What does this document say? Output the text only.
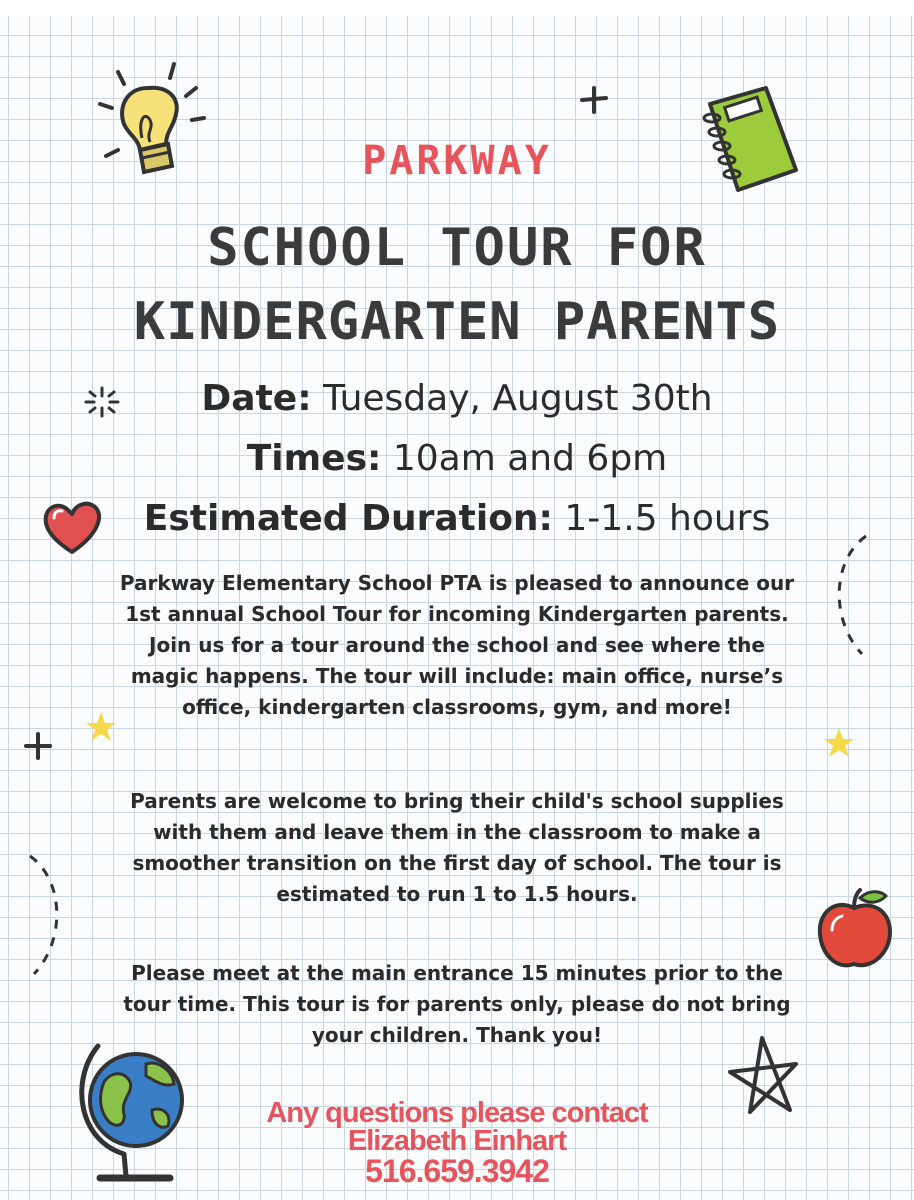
PARKWAY
SCHOOL TOUR FOR
KINDERGARTEN PARENTS
Date: Tuesday, August 30th
Times: 10am and 6pm
Estimated Duration: 1-1.5 hours
Parkway Elementary School PTA is pleased to announce our
1st annual School Tour for incoming Kindergarten parents.
Join us for a tour around the school and see where the
magic happens. The tour will include: main office, nurse’s
office, kindergarten classrooms, gym, and more!
Parents are welcome to bring their child's school supplies
with them and leave them in the classroom to make a
smoother transition on the first day of school. The tour is
estimated to run 1 to 1.5 hours.
Please meet at the main entrance 15 minutes prior to the
tour time. This tour is for parents only, please do not bring
your children. Thank you!
Any questions please contact
Elizabeth Einhart
516.659.3942
